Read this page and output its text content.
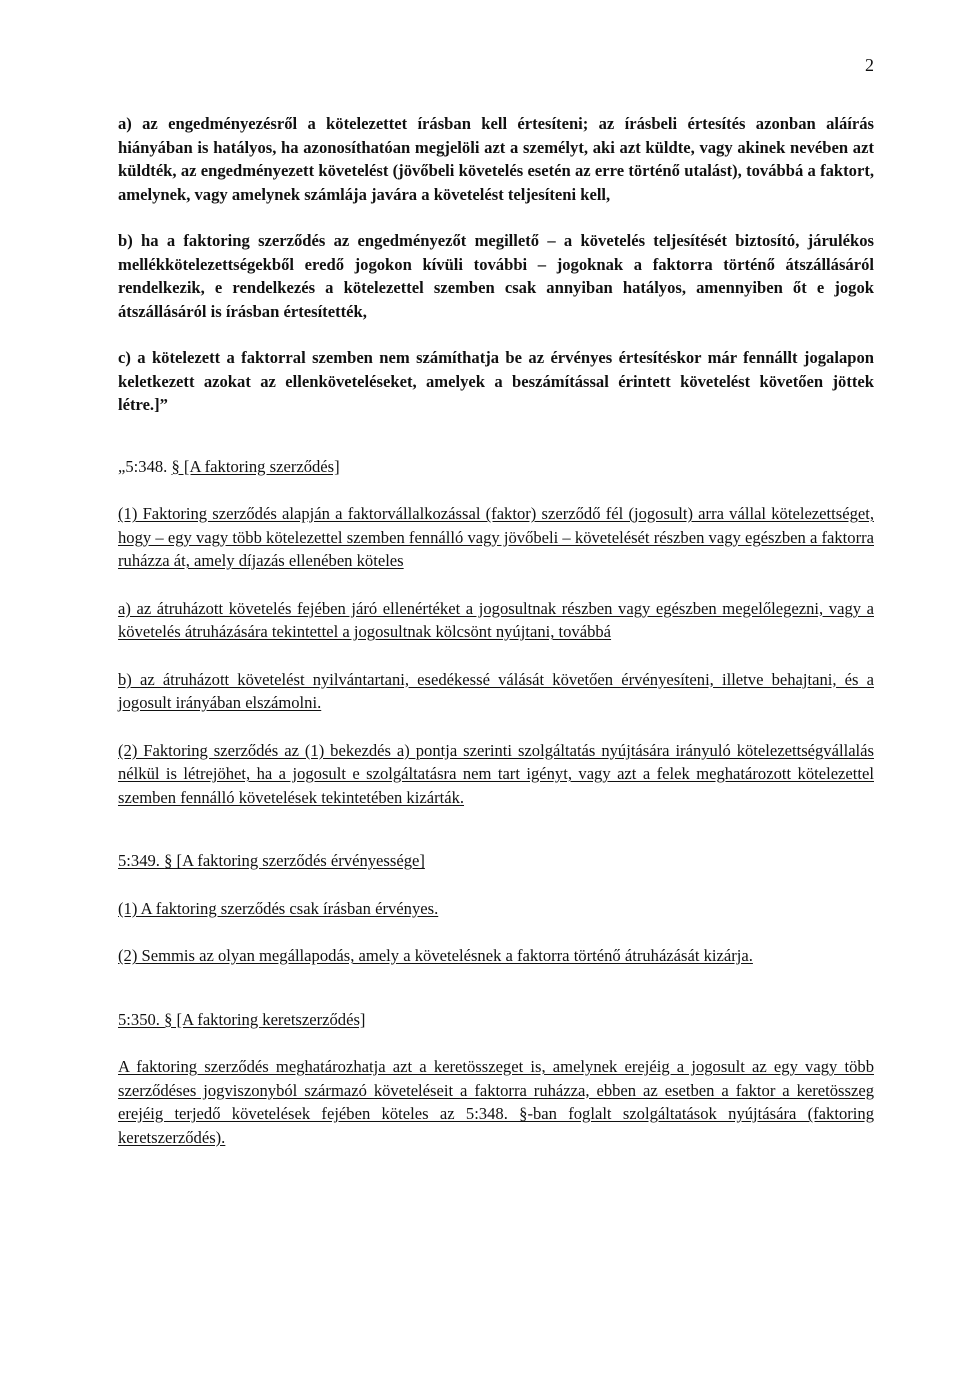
2

a) az engedményezésről a kötelezettet írásban kell értesíteni; az írásbeli értesítés azonban aláírás hiányában is hatályos, ha azonosíthatóan megjelöli azt a személyt, aki azt küldte, vagy akinek nevében azt küldték, az engedményezett követelést (jövőbeli követelés esetén az erre történő utalást), továbbá a faktort, amelynek, vagy amelynek számlája javára a követelést teljesíteni kell,

b) ha a faktoring szerződés az engedményezőt megillető – a követelés teljesítését biztosító, járulékos mellékkötelezettségekből eredő jogokon kívüli további – jogoknak a faktorra történő átszállásáról rendelkezik, e rendelkezés a kötelezettel szemben csak annyiban hatályos, amennyiben őt e jogok átszállásáról is írásban értesítették,

c) a kötelezett a faktorral szemben nem számíthatja be az érvényes értesítéskor már fennállt jogalapon keletkezett azokat az ellenköveteléseket, amelyek a beszámítással érintett követelést követően jöttek létre.]”

„5:348. § [A faktoring szerződés]

(1) Faktoring szerződés alapján a faktorvállalkozással (faktor) szerződő fél (jogosult) arra vállal kötelezettséget, hogy – egy vagy több kötelezettel szemben fennálló vagy jövőbeli – követelését részben vagy egészben a faktorra ruházza át, amely díjazás ellenében köteles

a) az átruházott követelés fejében járó ellenértéket a jogosultnak részben vagy egészben megelőlegezni, vagy a követelés átruházására tekintettel a jogosultnak kölcsönt nyújtani, továbbá

b) az átruházott követelést nyilvántartani, esedékessé válását követően érvényesíteni, illetve behajtani, és a jogosult irányában elszámolni.

(2) Faktoring szerződés az (1) bekezdés a) pontja szerinti szolgáltatás nyújtására irányuló kötelezettségvállalás nélkül is létrejöhet, ha a jogosult e szolgáltatásra nem tart igényt, vagy azt a felek meghatározott kötelezettel szemben fennálló követelések tekintetében kizárták.

5:349. § [A faktoring szerződés érvényessége]

(1) A faktoring szerződés csak írásban érvényes.

(2) Semmis az olyan megállapodás, amely a követelésnek a faktorra történő átruházását kizárja.

5:350. § [A faktoring keretszerződés]

A faktoring szerződés meghatározhatja azt a keretösszeget is, amelynek erejéig a jogosult az egy vagy több szerződéses jogviszonyból származó követeléseit a faktorra ruházza, ebben az esetben a faktor a keretösszeg erejéig terjedő követelések fejében köteles az 5:348. §-ban foglalt szolgáltatások nyújtására (faktoring keretszerződés).
